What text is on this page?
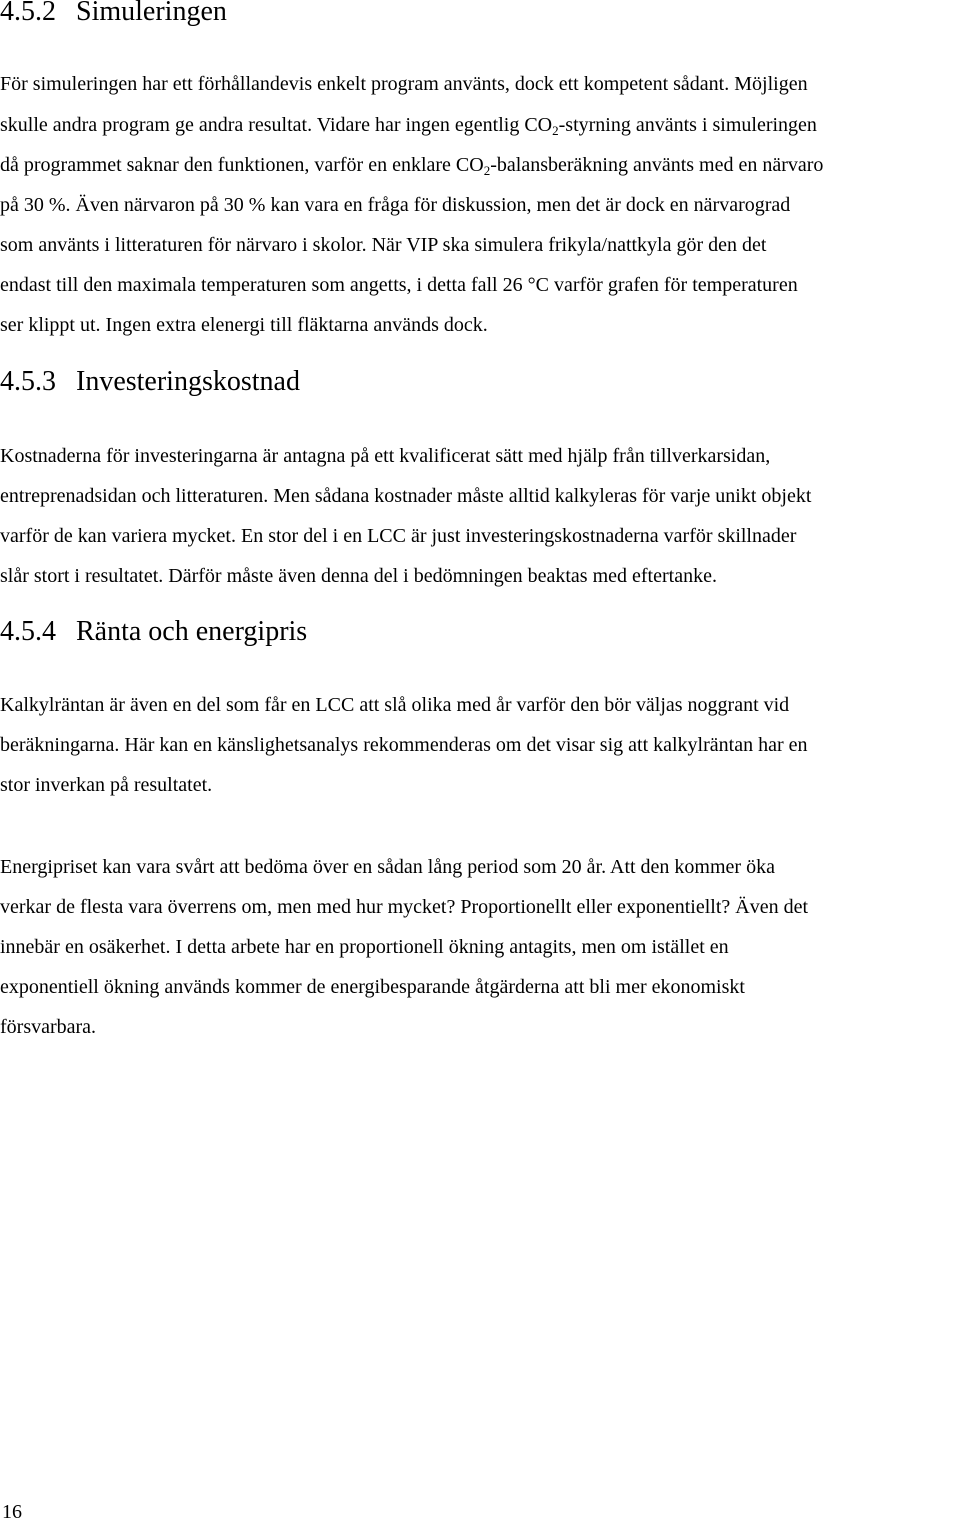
4.5.2 Simuleringen
För simuleringen har ett förhållandevis enkelt program använts, dock ett kompetent sådant. Möjligen
skulle andra program ge andra resultat. Vidare har ingen egentlig $CO_2$-styrning använts i simuleringen
då programmet saknar den funktionen, varför en enklare $CO_2$-balansberäkning använts med en närvaro
på 30 %. Även närvaron på 30 % kan vara en fråga för diskussion, men det är dock en närvarograd
som använts i litteraturen för närvaro i skolor. När VIP ska simulera frikyla/nattkyla gör den det
endast till den maximala temperaturen som angetts, i detta fall 26 °C varför grafen för temperaturen
ser klippt ut. Ingen extra elenergi till fläktarna används dock.
4.5.3 Investeringskostnad
Kostnaderna för investeringarna är antagna på ett kvalificerat sätt med hjälp från tillverkarsidan,
entreprenadsidan och litteraturen. Men sådana kostnader måste alltid kalkyleras för varje unikt objekt
varför de kan variera mycket. En stor del i en LCC är just investeringskostnaderna varför skillnader
slår stort i resultatet. Därför måste även denna del i bedömningen beaktas med eftertanke.
4.5.4 Ränta och energipris
Kalkylräntan är även en del som får en LCC att slå olika med år varför den bör väljas noggrant vid
beräkningarna. Här kan en känslighetsanalys rekommenderas om det visar sig att kalkylräntan har en
stor inverkan på resultatet.
Energipriset kan vara svårt att bedöma över en sådan lång period som 20 år. Att den kommer öka
verkar de flesta vara överrens om, men med hur mycket? Proportionellt eller exponentiellt? Även det
innebär en osäkerhet. I detta arbete har en proportionell ökning antagits, men om istället en
exponentiell ökning används kommer de energibesparande åtgärderna att bli mer ekonomiskt
försvarbara.
16
